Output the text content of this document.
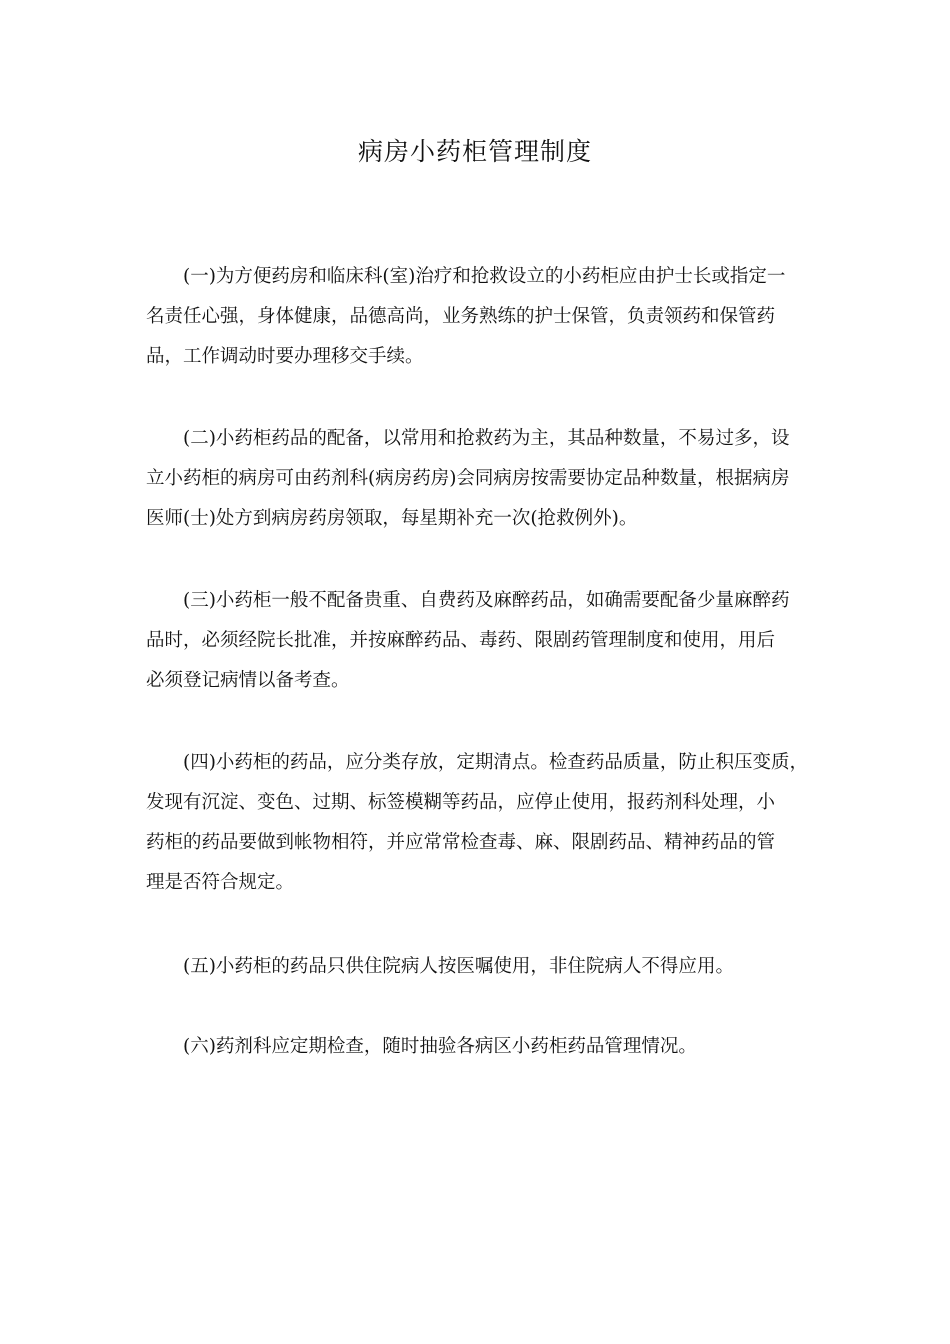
病房小药柜管理制度
(一)为方便药房和临床科(室)治疗和抢救设立的小药柜应由护士长或指定一
名责任心强，身体健康，品德高尚，业务熟练的护士保管，负责领药和保管药
品，工作调动时要办理移交手续。
(二)小药柜药品的配备，以常用和抢救药为主，其品种数量，不易过多，设
立小药柜的病房可由药剂科(病房药房)会同病房按需要协定品种数量，根据病房
医师(士)处方到病房药房领取，每星期补充一次(抢救例外)。
(三)小药柜一般不配备贵重、自费药及麻醉药品，如确需要配备少量麻醉药
品时，必须经院长批准，并按麻醉药品、毒药、限剧药管理制度和使用，用后
必须登记病情以备考查。
(四)小药柜的药品，应分类存放，定期清点。检查药品质量，防止积压变质，
发现有沉淀、变色、过期、标签模糊等药品，应停止使用，报药剂科处理，小
药柜的药品要做到帐物相符，并应常常检查毒、麻、限剧药品、精神药品的管
理是否符合规定。
(五)小药柜的药品只供住院病人按医嘱使用，非住院病人不得应用。
(六)药剂科应定期检查，随时抽验各病区小药柜药品管理情况。
